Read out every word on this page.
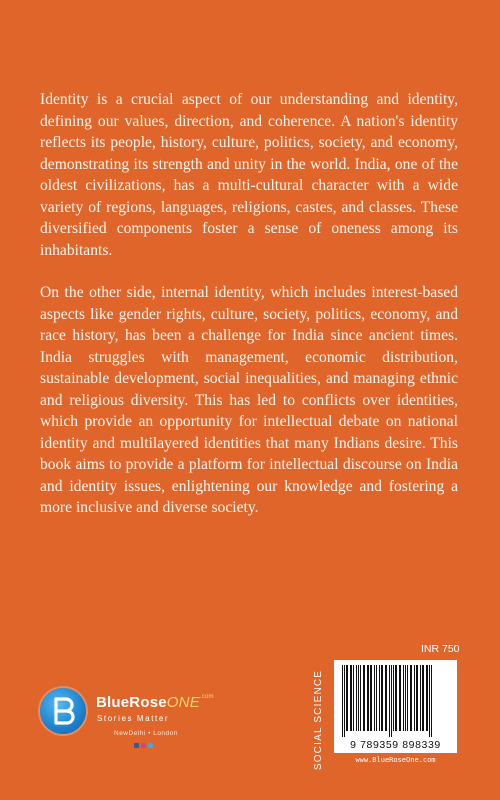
Identity is a crucial aspect of our understanding and identity, defining our values, direction, and coherence. A nation's identity reflects its people, history, culture, politics, society, and economy, demonstrating its strength and unity in the world. India, one of the oldest civilizations, has a multi-cultural character with a wide variety of regions, languages, religions, castes, and classes. These diversified components foster a sense of oneness among its inhabitants.

On the other side, internal identity, which includes interest-based aspects like gender rights, culture, society, politics, economy, and race history, has been a challenge for India since ancient times. India struggles with management, economic distribution, sustainable development, social inequalities, and managing ethnic and religious diversity. This has led to conflicts over identities, which provide an opportunity for intellectual debate on national identity and multilayered identities that many Indians desire. This book aims to provide a platform for intellectual discourse on India and identity issues, enlightening our knowledge and fostering a more inclusive and diverse society.

BlueRoseONE$^{.com}$
Stories Matter
NewDelhi • London	SOCIAL SCIENCE
INR 750
9 789359 898339
www.BlueRoseOne.com
